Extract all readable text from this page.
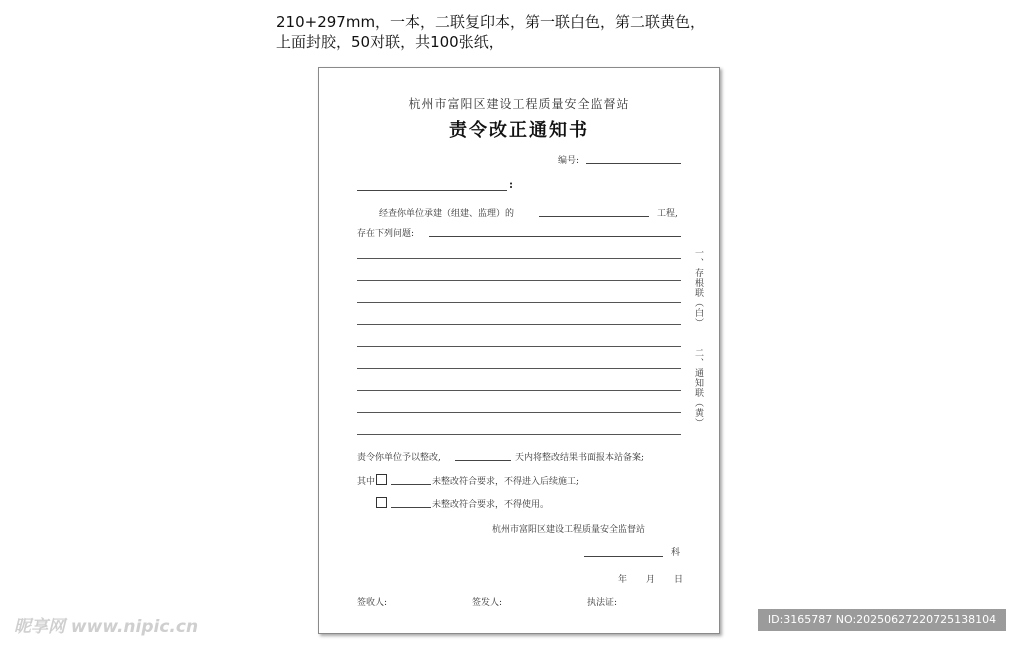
210+297mm，一本，二联复印本，第一联白色，第二联黄色，
上面封胶，50对联，共100张纸，
杭州市富阳区建设工程质量安全监督站
责令改正通知书
编号:
:
经查你单位承建（组建、监理）的	工程,
存在下列问题:
责令你单位予以整改,	天内将整改结果书面报本站备案;
其中	未整改符合要求，不得进入后续施工;
未整改符合要求，不得使用。
杭州市富阳区建设工程质量安全监督站
科
年 月 日
签收人:	签发人:	执法证:
一、存根联（白）
二、通知联（黄）
昵享网 www.nipic.cn	ID:3165787 NO:20250627220725138104
